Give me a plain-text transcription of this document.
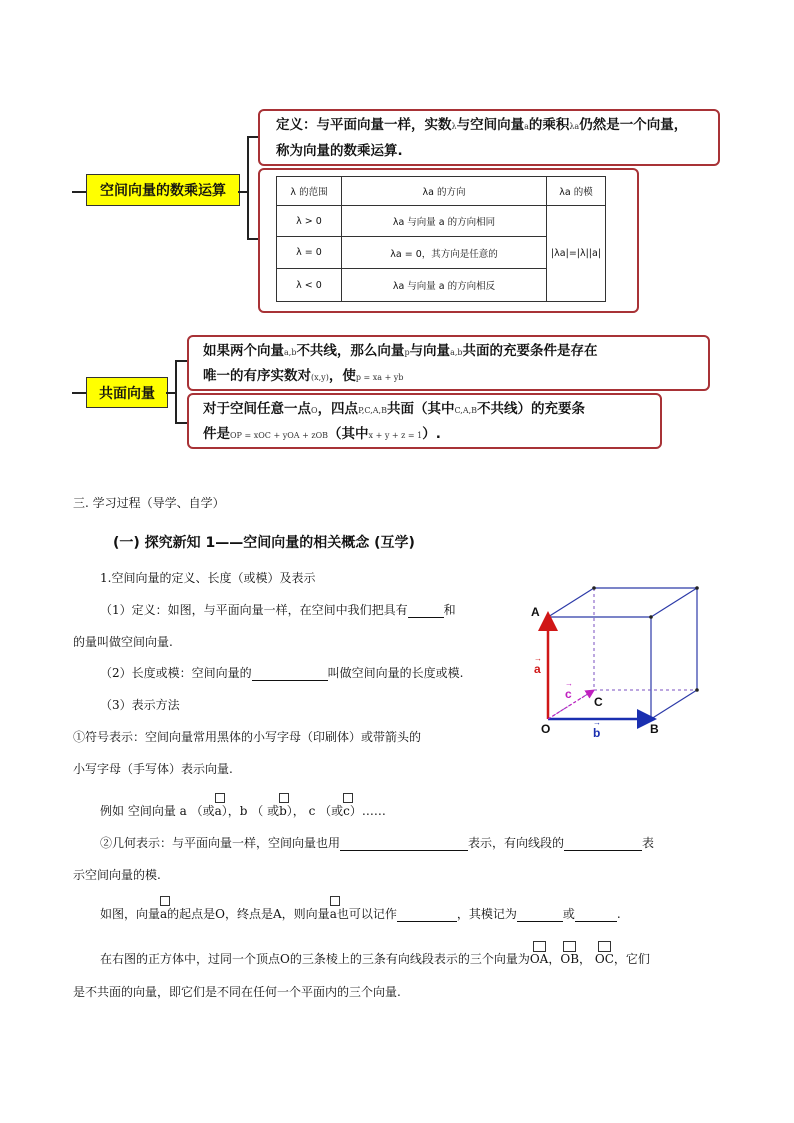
空间向量的数乘运算
定义：与平面向量一样，实数λ与空间向量a的乘积λa仍然是一个向量，
称为向量的数乘运算.
λ 的范围	λa 的方向	λa 的模
λ > 0	λa 与向量 a 的方向相同	|λa|=|λ||a|
λ = 0	λa = 0，其方向是任意的	
λ < 0	λa 与向量 a 的方向相反	
共面向量
如果两个向量a,b不共线，那么向量p与向量a,b共面的充要条件是存在
唯一的有序实数对(x,y)，使p = xa + yb
对于空间任意一点O，四点P,C,A,B共面（其中C,A,B不共线）的充要条
件是OP = xOC + yOA + zOB（其中x + y + z = 1）.
三. 学习过程（导学、自学）
(一) 探究新知 1——空间向量的相关概念 (互学)
1.空间向量的定义、长度（或模）及表示
（1）定义：如图，与平面向量一样，在空间中我们把具有	和
的量叫做空间向量.
（2）长度或模：空间向量的	叫做空间向量的长度或模.
（3）表示方法
①符号表示：空间向量常用黑体的小写字母（印刷体）或带箭头的
小写字母（手写体）表示向量.
例如 空间向量 a （或
a），b （ 或
b）， c （或
c）……
②几何表示：与平面向量一样，空间向量也用	表示，有向线段的	表
示空间向量的模.
如图，向量
a的起点是O，终点是A，则向量
a也可以记作	，其模记为	或	.
在右图的正方体中，过同一个顶点O的三条棱上的三条有向线段表示的三个向量为
OA，
OB，
OC，它们
是不共面的向量，即它们是不同在任何一个平面内的三个向量.
A
B
C
O
a
→
b
→
c
→
